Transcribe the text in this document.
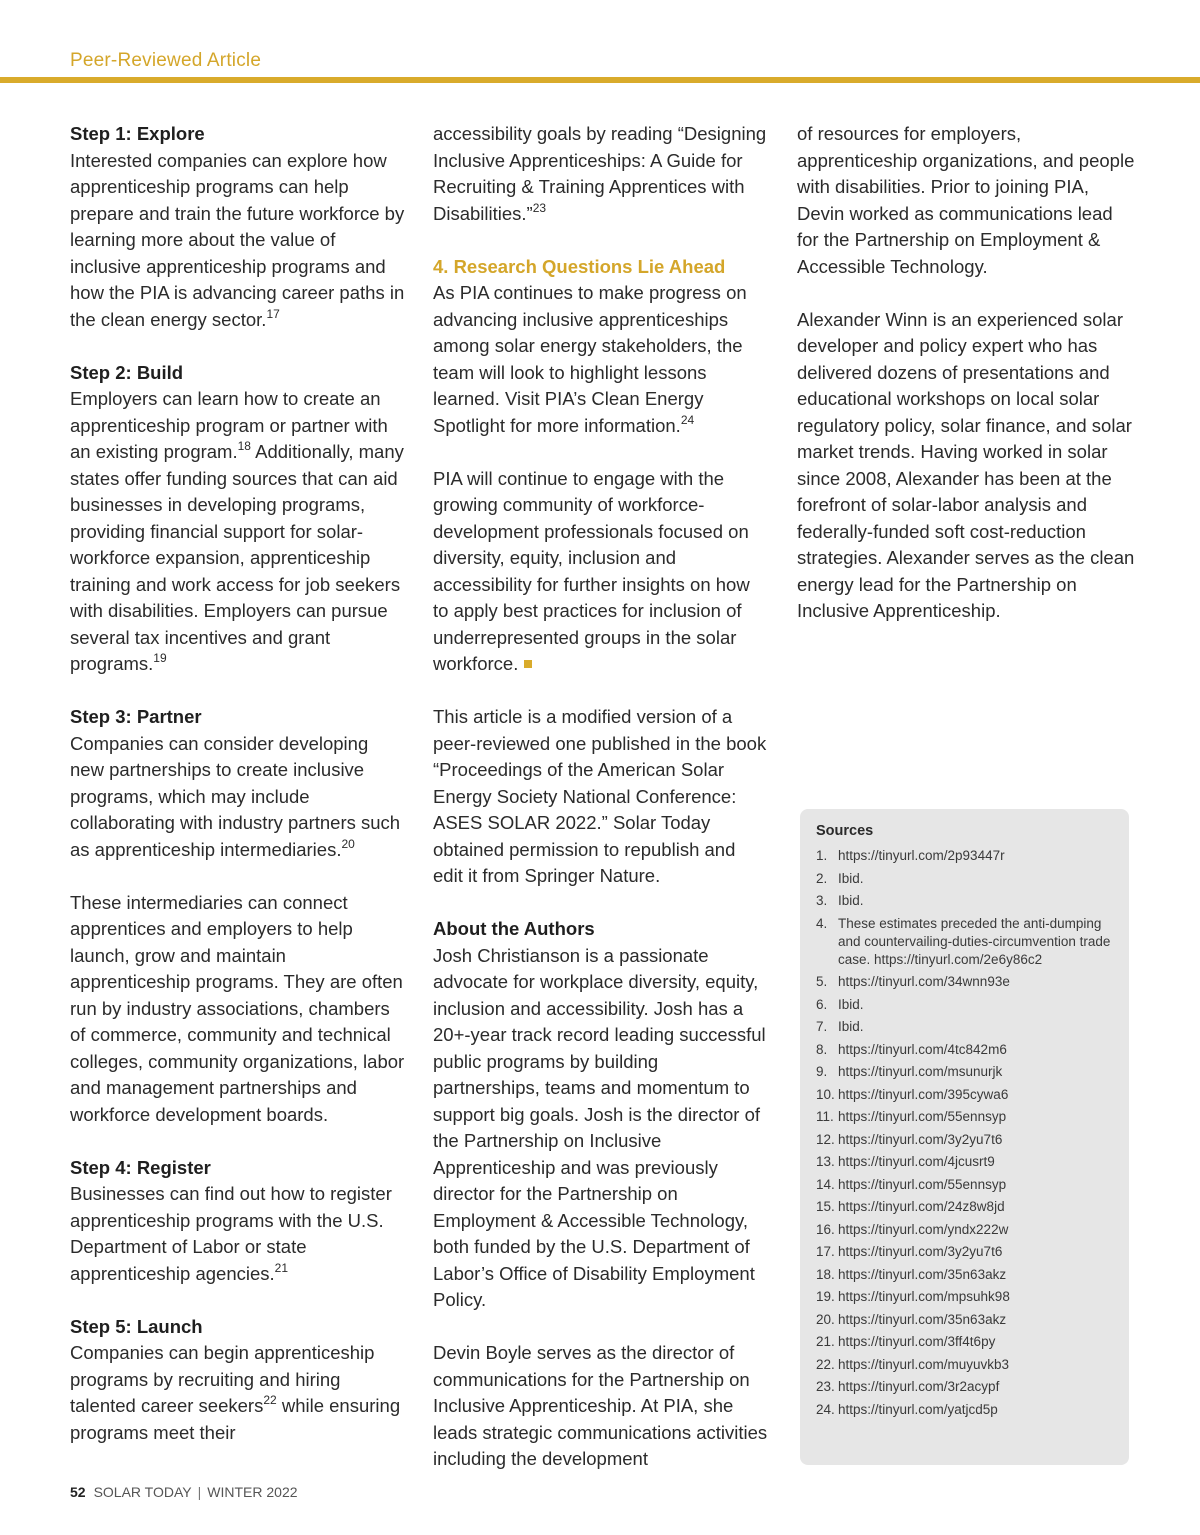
Peer-Reviewed Article
Step 1: Explore
Interested companies can explore how apprenticeship programs can help prepare and train the future workforce by learning more about the value of inclusive apprenticeship programs and how the PIA is advancing career paths in the clean energy sector.$^{17}$
Step 2: Build
Employers can learn how to create an apprenticeship program or partner with an existing program.$^{18}$ Additionally, many states offer funding sources that can aid businesses in developing programs, providing financial support for solar-workforce expansion, apprenticeship training and work access for job seekers with disabilities. Employers can pursue several tax incentives and grant programs.$^{19}$
Step 3: Partner
Companies can consider developing new partnerships to create inclusive programs, which may include collaborating with industry partners such as apprenticeship intermediaries.$^{20}$
These intermediaries can connect apprentices and employers to help launch, grow and maintain apprenticeship programs. They are often run by industry associations, chambers of commerce, community and technical colleges, community organizations, labor and management partnerships and workforce development boards.
Step 4: Register
Businesses can find out how to register apprenticeship programs with the U.S. Department of Labor or state apprenticeship agencies.$^{21}$
Step 5: Launch
Companies can begin apprenticeship programs by recruiting and hiring talented career seekers$^{22}$ while ensuring programs meet their
accessibility goals by reading “Designing Inclusive Apprenticeships: A Guide for Recruiting & Training Apprentices with Disabilities.”$^{23}$
4. Research Questions Lie Ahead
As PIA continues to make progress on advancing inclusive apprenticeships among solar energy stakeholders, the team will look to highlight lessons learned. Visit PIA’s Clean Energy Spotlight for more information.$^{24}$
PIA will continue to engage with the growing community of workforce-development professionals focused on diversity, equity, inclusion and accessibility for further insights on how to apply best practices for inclusion of underrepresented groups in the solar workforce.
This article is a modified version of a peer-reviewed one published in the book “Proceedings of the American Solar Energy Society National Conference: ASES SOLAR 2022.” Solar Today obtained permission to republish and edit it from Springer Nature.
About the Authors
Josh Christianson is a passionate advocate for workplace diversity, equity, inclusion and accessibility. Josh has a 20+-year track record leading successful public programs by building partnerships, teams and momentum to support big goals. Josh is the director of the Partnership on Inclusive Apprenticeship and was previously director for the Partnership on Employment & Accessible Technology, both funded by the U.S. Department of Labor’s Office of Disability Employment Policy.
Devin Boyle serves as the director of communications for the Partnership on Inclusive Apprenticeship. At PIA, she leads strategic communications activities including the development
of resources for employers, apprenticeship organizations, and people with disabilities. Prior to joining PIA, Devin worked as communications lead for the Partnership on Employment & Accessible Technology.
Alexander Winn is an experienced solar developer and policy expert who has delivered dozens of presentations and educational workshops on local solar regulatory policy, solar finance, and solar market trends. Having worked in solar since 2008, Alexander has been at the forefront of solar-labor analysis and federally-funded soft cost-reduction strategies. Alexander serves as the clean energy lead for the Partnership on Inclusive Apprenticeship.
Sources
1. https://tinyurl.com/2p93447r
2. Ibid.
3. Ibid.
4. These estimates preceded the anti-dumping and countervailing-duties-circumvention trade case. https://tinyurl.com/2e6y86c2
5. https://tinyurl.com/34wnn93e
6. Ibid.
7. Ibid.
8. https://tinyurl.com/4tc842m6
9. https://tinyurl.com/msunurjk
10. https://tinyurl.com/395cywa6
11. https://tinyurl.com/55ennsyp
12. https://tinyurl.com/3y2yu7t6
13. https://tinyurl.com/4jcusrt9
14. https://tinyurl.com/55ennsyp
15. https://tinyurl.com/24z8w8jd
16. https://tinyurl.com/yndx222w
17. https://tinyurl.com/3y2yu7t6
18. https://tinyurl.com/35n63akz
19. https://tinyurl.com/mpsuhk98
20. https://tinyurl.com/35n63akz
21. https://tinyurl.com/3ff4t6py
22. https://tinyurl.com/muyuvkb3
23. https://tinyurl.com/3r2acypf
24. https://tinyurl.com/yatjcd5p
52 SOLAR TODAY | WINTER 2022
